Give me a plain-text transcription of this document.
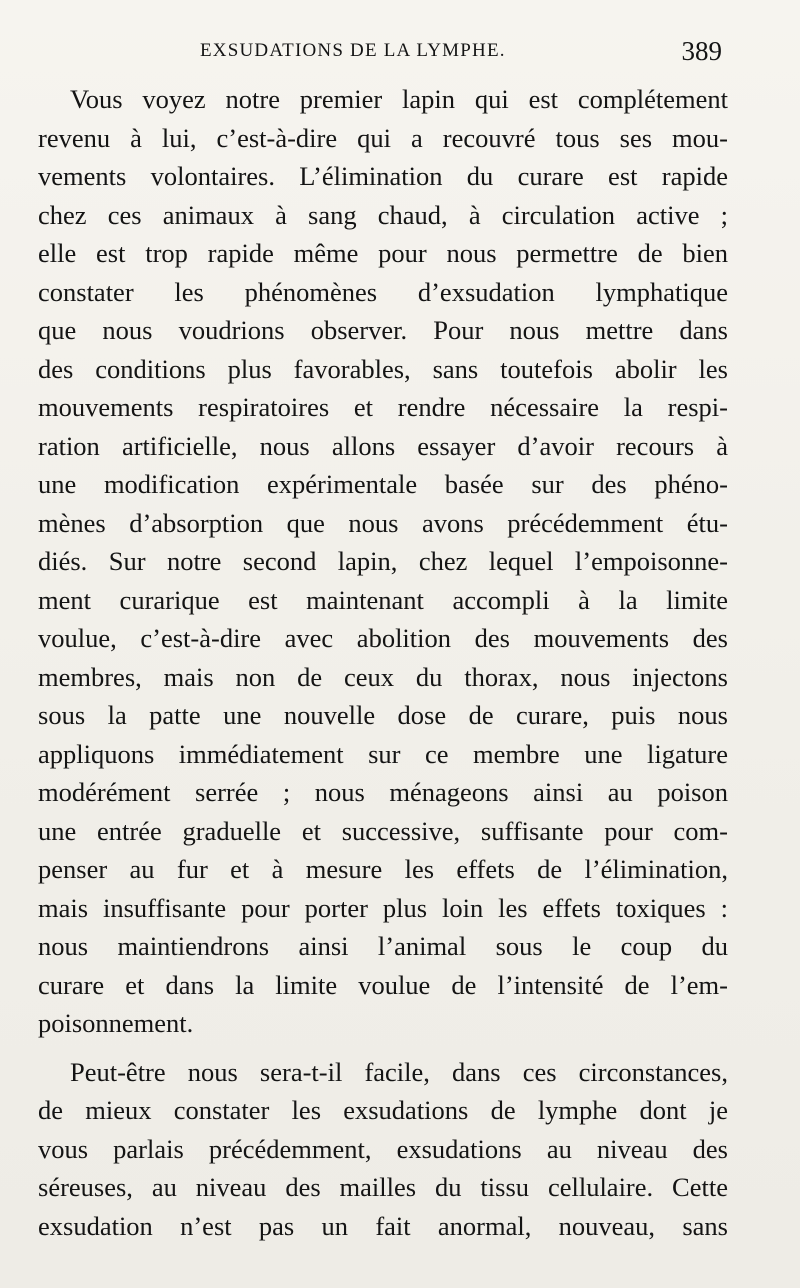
EXSUDATIONS DE LA LYMPHE.	389
Vous voyez notre premier lapin qui est complétement
revenu à lui, c’est-à-dire qui a recouvré tous ses mou-
vements volontaires. L’élimination du curare est rapide
chez ces animaux à sang chaud, à circulation active ;
elle est trop rapide même pour nous permettre de bien
constater les phénomènes d’exsudation lymphatique
que nous voudrions observer. Pour nous mettre dans
des conditions plus favorables, sans toutefois abolir les
mouvements respiratoires et rendre nécessaire la respi-
ration artificielle, nous allons essayer d’avoir recours à
une modification expérimentale basée sur des phéno-
mènes d’absorption que nous avons précédemment étu-
diés. Sur notre second lapin, chez lequel l’empoisonne-
ment curarique est maintenant accompli à la limite
voulue, c’est-à-dire avec abolition des mouvements des
membres, mais non de ceux du thorax, nous injectons
sous la patte une nouvelle dose de curare, puis nous
appliquons immédiatement sur ce membre une ligature
modérément serrée ; nous ménageons ainsi au poison
une entrée graduelle et successive, suffisante pour com-
penser au fur et à mesure les effets de l’élimination,
mais insuffisante pour porter plus loin les effets toxiques :
nous maintiendrons ainsi l’animal sous le coup du
curare et dans la limite voulue de l’intensité de l’em-
poisonnement.
Peut-être nous sera-t-il facile, dans ces circonstances,
de mieux constater les exsudations de lymphe dont je
vous parlais précédemment, exsudations au niveau des
séreuses, au niveau des mailles du tissu cellulaire. Cette
exsudation n’est pas un fait anormal, nouveau, sans
